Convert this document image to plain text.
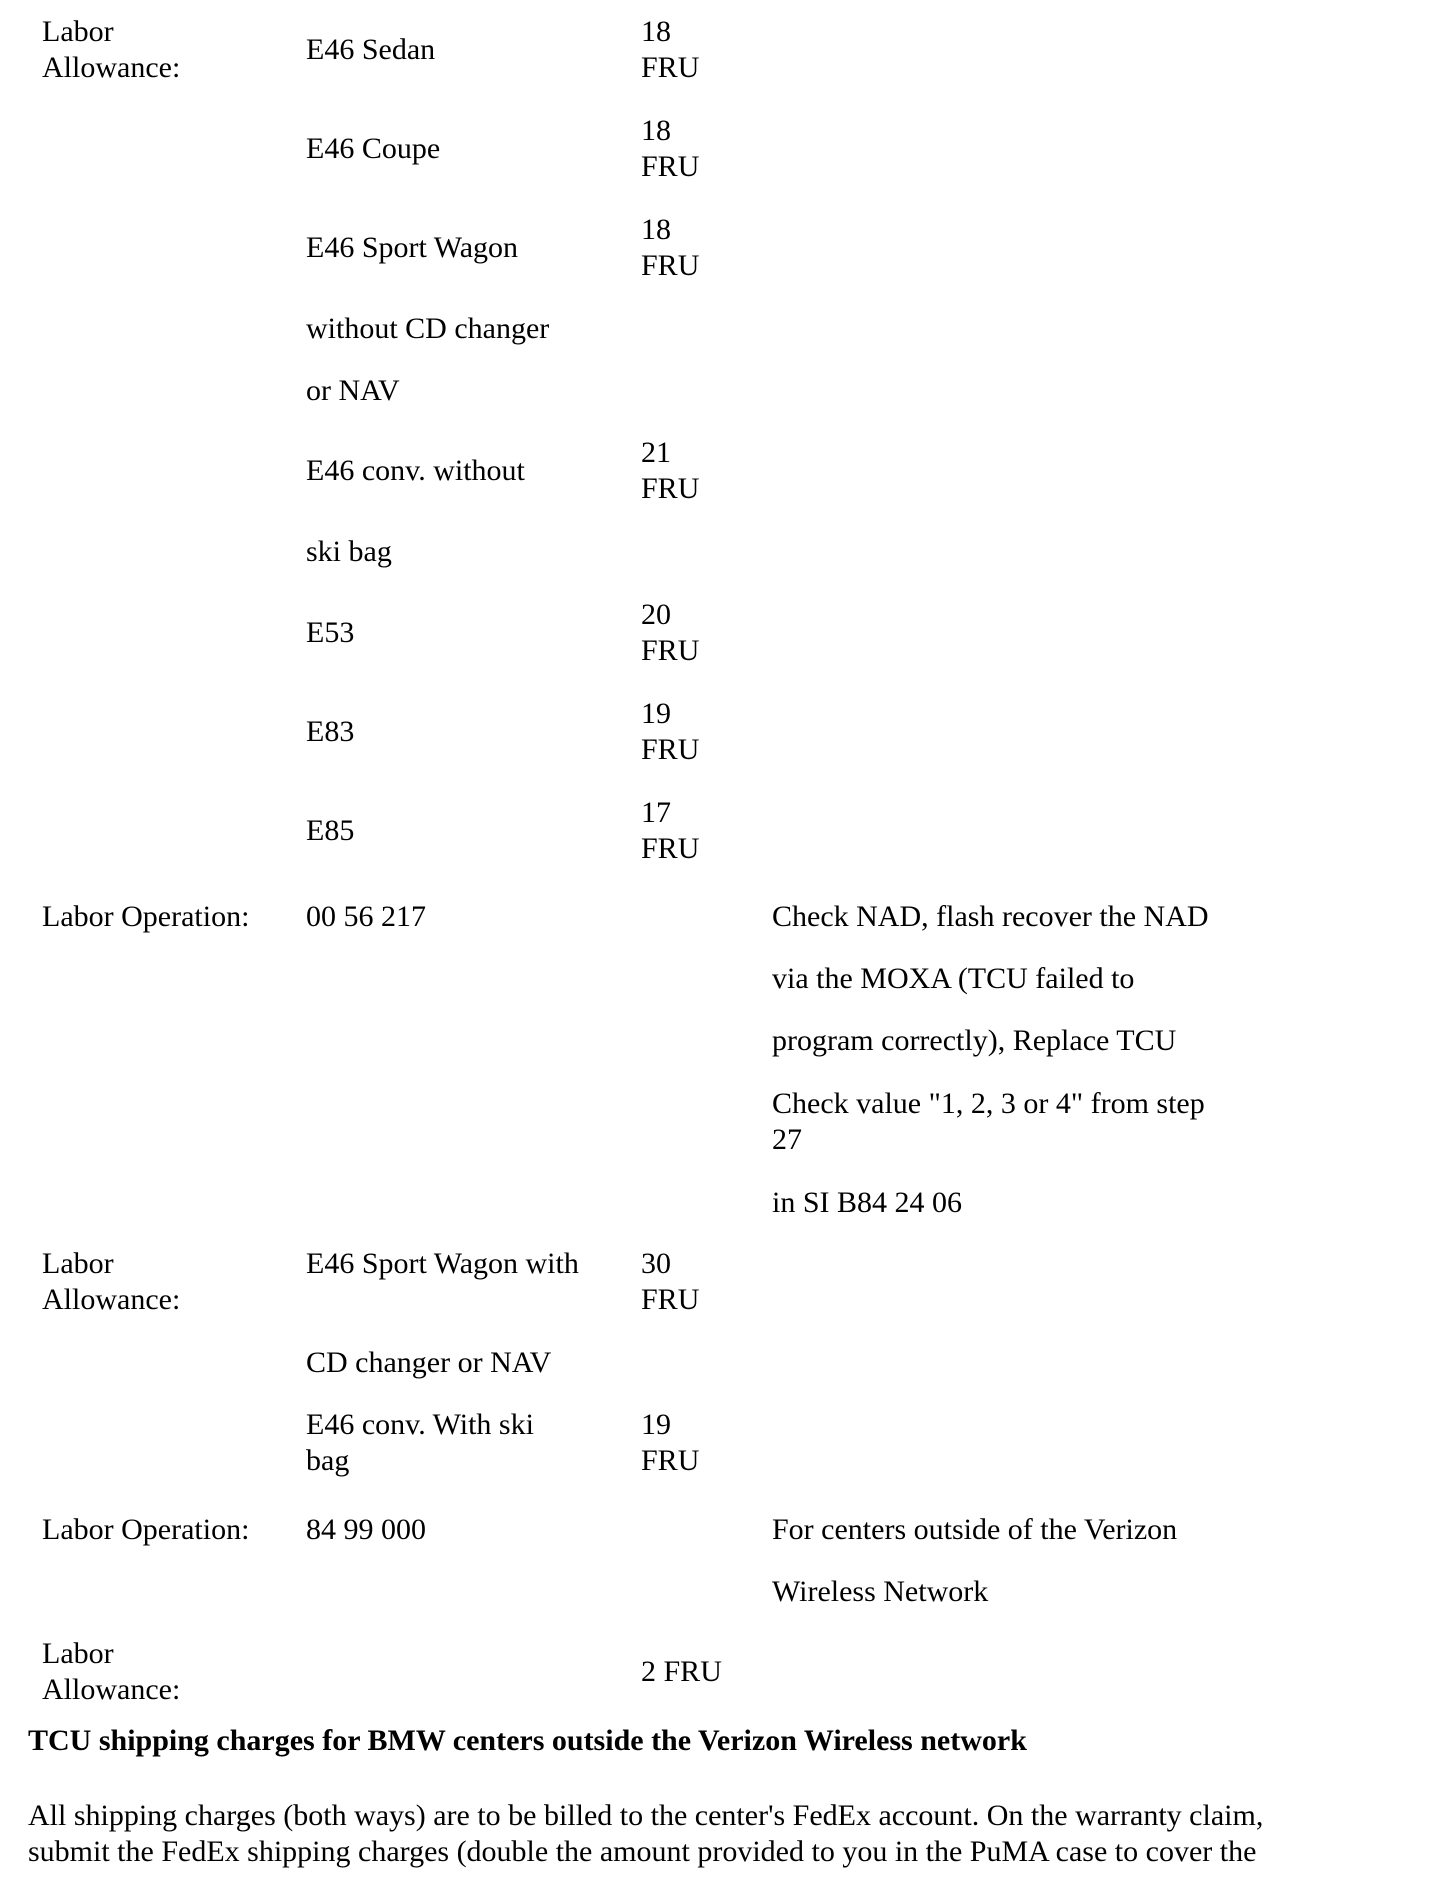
Labor
Allowance:
E46 Sedan
18
FRU
E46 Coupe
18
FRU
E46 Sport Wagon
18
FRU
without CD changer
or NAV
E46 conv. without
21
FRU
ski bag
E53
20
FRU
E83
19
FRU
E85
17
FRU
Labor Operation: 00 56 217	Check NAD, flash recover the NAD
via the MOXA (TCU failed to
program correctly), Replace TCU
Check value "1, 2, 3 or 4" from step
27
in SI B84 24 06
Labor
Allowance:
E46 Sport Wagon with 30
FRU
CD changer or NAV
E46 conv. With ski
bag
19
FRU
Labor Operation: 84 99 000	For centers outside of the Verizon
Wireless Network
Labor
Allowance:
2 FRU
TCU shipping charges for BMW centers outside the Verizon Wireless network
All shipping charges (both ways) are to be billed to the center's FedEx account. On the warranty claim,
submit the FedEx shipping charges (double the amount provided to you in the PuMA case to cover the
